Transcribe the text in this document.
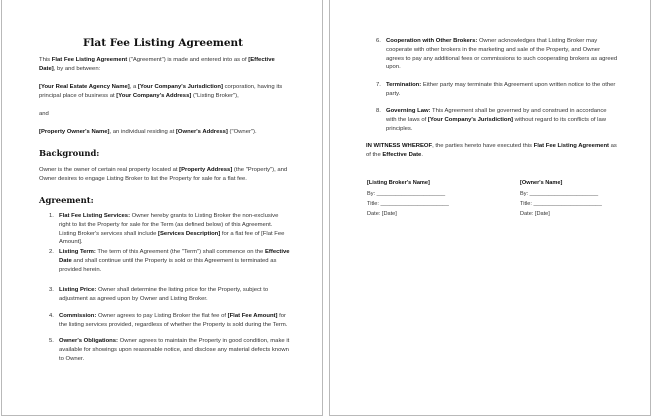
Flat Fee Listing Agreement
This Flat Fee Listing Agreement ("Agreement") is made and entered into as of [Effective Date], by and between:
[Your Real Estate Agency Name], a [Your Company's Jurisdiction] corporation, having its principal place of business at [Your Company's Address] ("Listing Broker"),
and
[Property Owner's Name], an individual residing at [Owner's Address] ("Owner").
Background:
Owner is the owner of certain real property located at [Property Address] (the "Property"), and Owner desires to engage Listing Broker to list the Property for sale for a flat fee.
Agreement:
1. Flat Fee Listing Services: Owner hereby grants to Listing Broker the non-exclusive right to list the Property for sale for the Term (as defined below) of this Agreement. Listing Broker's services shall include [Services Description] for a flat fee of [Flat Fee Amount].
2. Listing Term: The term of this Agreement (the "Term") shall commence on the Effective Date and shall continue until the Property is sold or this Agreement is terminated as provided herein.
3. Listing Price: Owner shall determine the listing price for the Property, subject to adjustment as agreed upon by Owner and Listing Broker.
4. Commission: Owner agrees to pay Listing Broker the flat fee of [Flat Fee Amount] for the listing services provided, regardless of whether the Property is sold during the Term.
5. Owner's Obligations: Owner agrees to maintain the Property in good condition, make it available for showings upon reasonable notice, and disclose any material defects known to Owner.
6. Cooperation with Other Brokers: Owner acknowledges that Listing Broker may cooperate with other brokers in the marketing and sale of the Property, and Owner agrees to pay any additional fees or commissions to such cooperating brokers as agreed upon.
7. Termination: Either party may terminate this Agreement upon written notice to the other party.
8. Governing Law: This Agreement shall be governed by and construed in accordance with the laws of [Your Company's Jurisdiction] without regard to its conflicts of law principles.
IN WITNESS WHEREOF, the parties hereto have executed this Flat Fee Listing Agreement as of the Effective Date.
[Listing Broker's Name]
By: ______________________
Title: ______________________
Date: [Date]
[Owner's Name]
By: ______________________
Title: ______________________
Date: [Date]
